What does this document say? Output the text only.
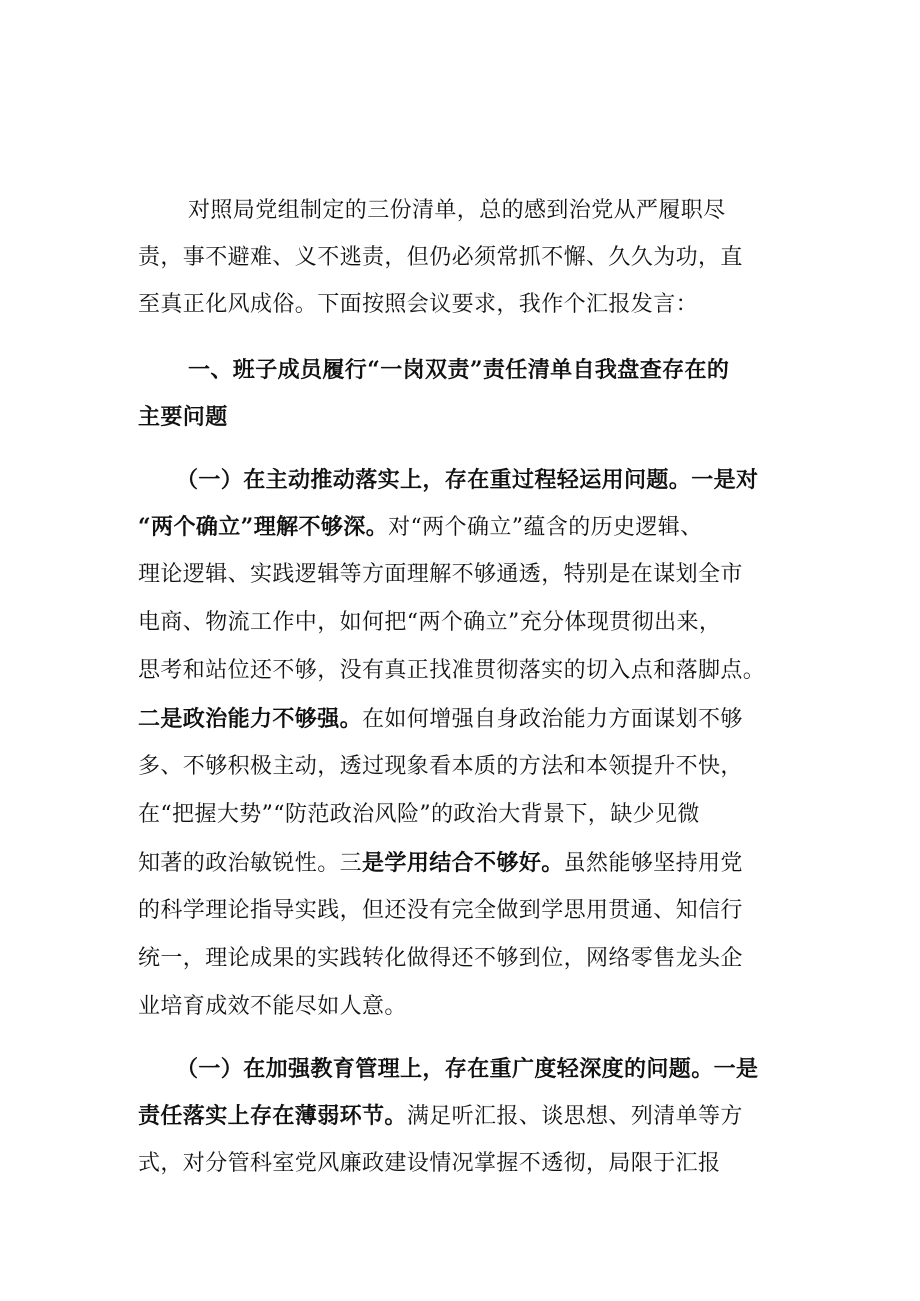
对照局党组制定的三份清单，总的感到治党从严履职尽
责，事不避难、义不逃责，但仍必须常抓不懈、久久为功，直
至真正化风成俗。下面按照会议要求，我作个汇报发言：
一、班子成员履行“一岗双责”责任清单自我盘查存在的
主要问题
（一）在主动推动落实上，存在重过程轻运用问题。一是对
“两个确立”理解不够深。对“两个确立”蕴含的历史逻辑、
理论逻辑、实践逻辑等方面理解不够通透，特别是在谋划全市
电商、物流工作中，如何把“两个确立”充分体现贯彻出来，
思考和站位还不够，没有真正找准贯彻落实的切入点和落脚点。
二是政治能力不够强。在如何增强自身政治能力方面谋划不够
多、不够积极主动，透过现象看本质的方法和本领提升不快，
在“把握大势”“防范政治风险”的政治大背景下，缺少见微
知著的政治敏锐性。三是学用结合不够好。虽然能够坚持用党
的科学理论指导实践，但还没有完全做到学思用贯通、知信行
统一，理论成果的实践转化做得还不够到位，网络零售龙头企
业培育成效不能尽如人意。
（一）在加强教育管理上，存在重广度轻深度的问题。一是
责任落实上存在薄弱环节。满足听汇报、谈思想、列清单等方
式，对分管科室党风廉政建设情况掌握不透彻，局限于汇报
